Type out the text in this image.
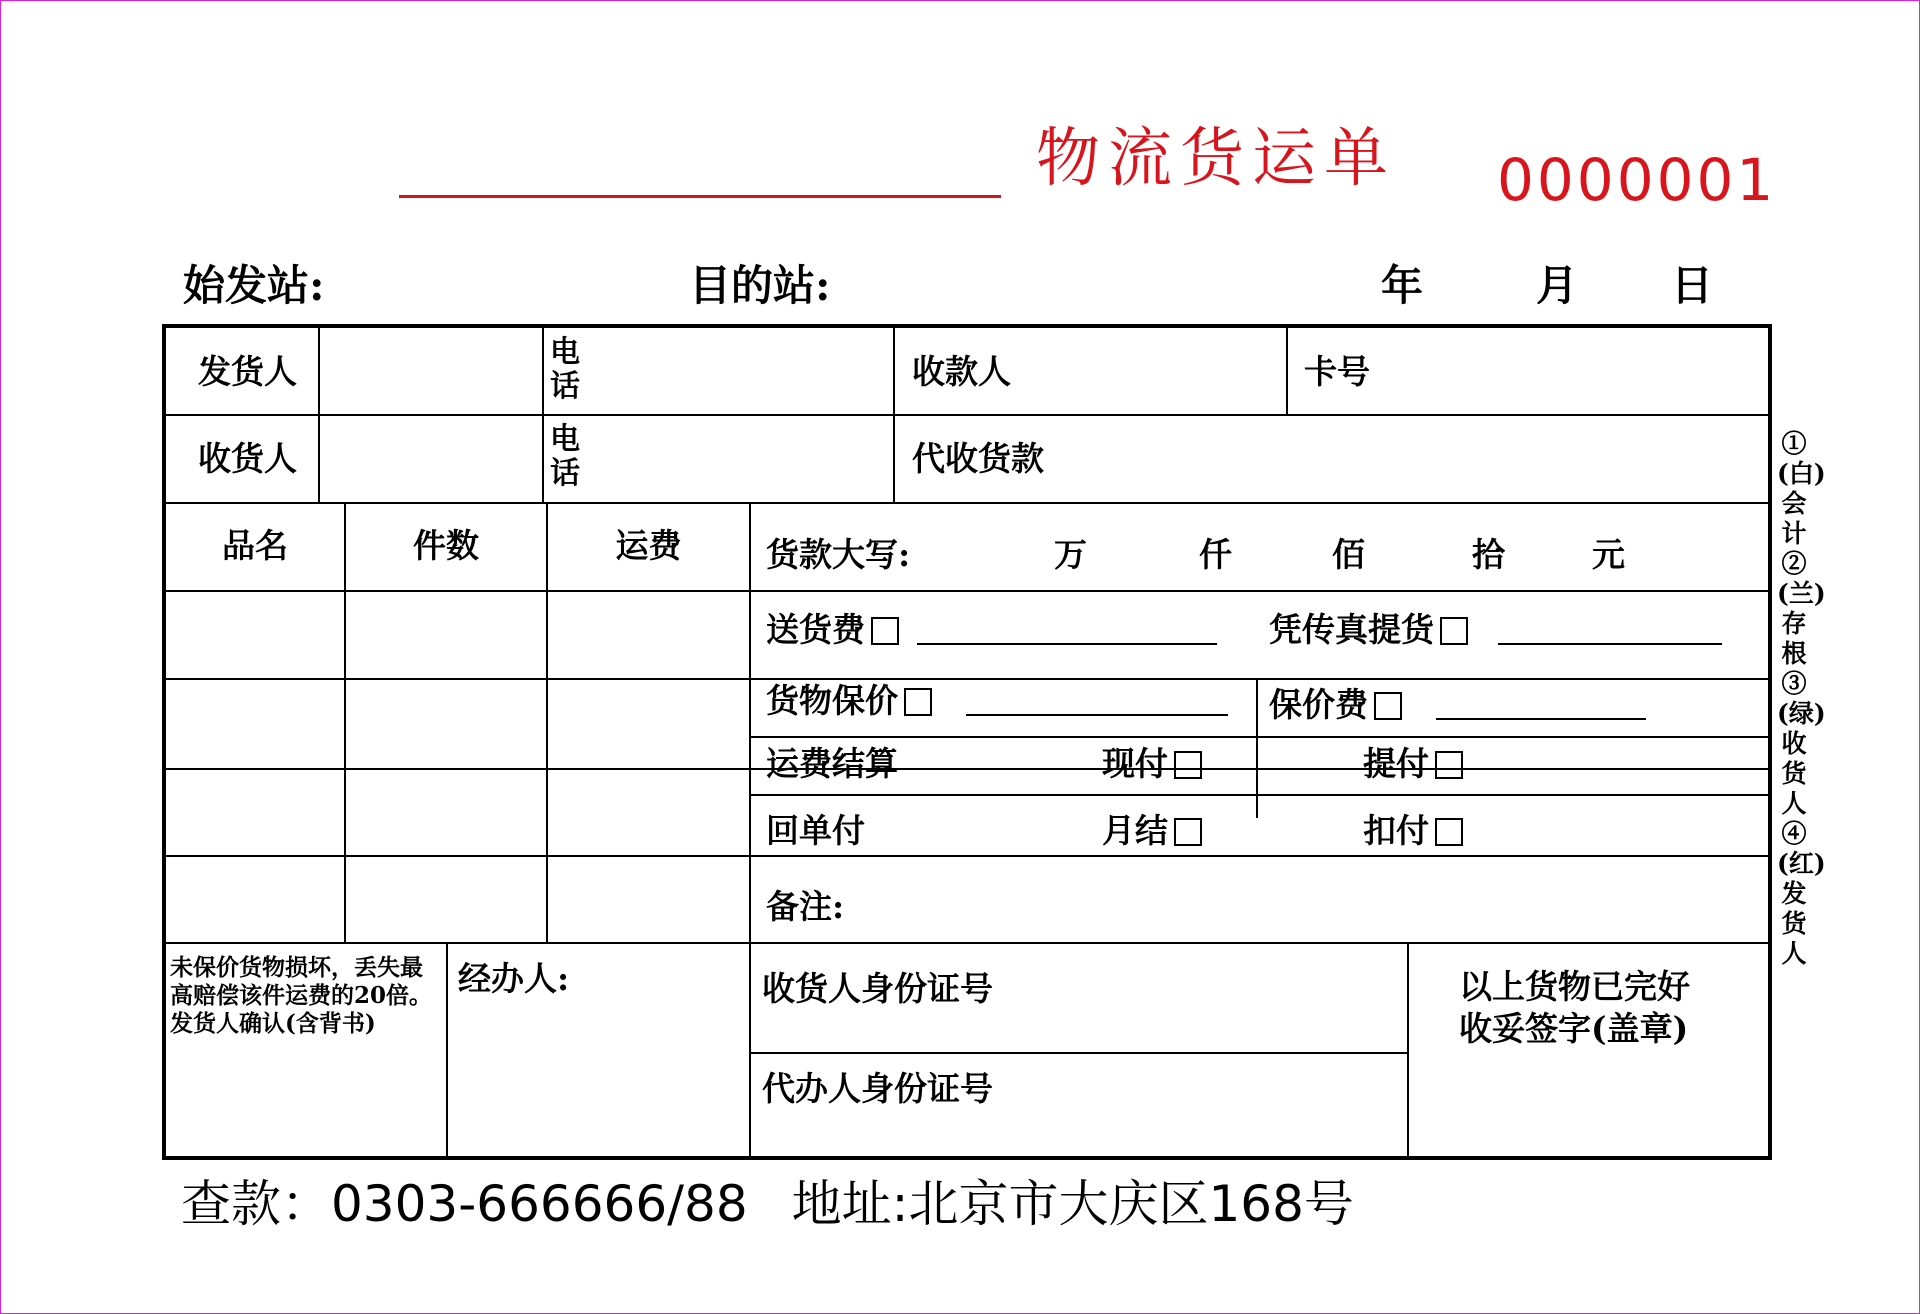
物流货运单 0000001
始发站:	目的站:	年	月 日
发货人	电话	收款人	卡号
收货人	电话	代收货款
品名	件数	运费	货款大写:	万	仟	佰	拾	元
送货费	凭传真提货
货物保价	保价费
运费结算	现付	提付
回单付	月结	扣付
备注:
未保价货物损坏，丢失最
高赔偿该件运费的20倍。
发货人确认(含背书)
经办人:	收货人身份证号
代办人身份证号
以上货物已完好
收妥签字(盖章)
①(白)会计②(兰)存根③(绿)收货人④(红)发货人
查款：0303-666666/88 地址:北京市大庆区168号
